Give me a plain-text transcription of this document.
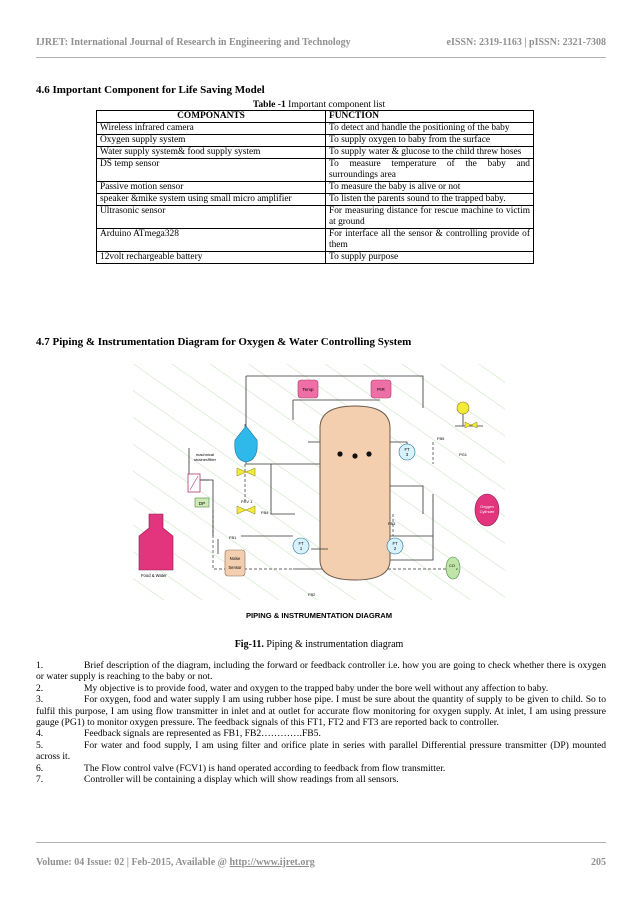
IJRET: International Journal of Research in Engineering and Technology	eISSN: 2319-1163 | pISSN: 2321-7308
4.6 Important Component for Life Saving Model
Table -1 Important component list
COMPONANTS	FUNCTION
Wireless infrared camera	To detect and handle the positioning of the baby
Oxygen supply system	To supply oxygen to baby from the surface
Water supply system& food supply system	To supply water & glucose to the child threw hoses
DS temp sensor	To measure temperature of the baby and surroundings area
Passive motion sensor	To measure the baby is alive or not
speaker &mike system using small micro amplifier	To listen the parents sound to the trapped baby.
Ultrasonic sensor	For measuring distance for rescue machine to victim at ground
Arduino ATmega328	For interface all the sensor & controlling provide of them
12volt rechargeable battery	To supply purpose
4.7 Piping & Instrumentation Diagram for Oxygen & Water Controlling System
Temp	PIR
machnical
strainer/filter
DP	FCV 1
FB4
FB1
FB3
FB5
FB2
PG1
FT
1
FT
2
FT
3
Noise
Sensor
Food & Water
Oxygen
Cylinder
CO
2
PIPING & INSTRUMENTATION DIAGRAM
Fig-11. Piping & instrumentation diagram
1.	Brief description of the diagram, including the forward or feedback controller i.e. how you are going to check whether there is oxygen or water supply is reaching to the baby or not.
2.	My objective is to provide food, water and oxygen to the trapped baby under the bore well without any affection to baby.
3.	For oxygen, food and water supply I am using rubber hose pipe. I must be sure about the quantity of supply to be given to child. So to fulfil this purpose, I am using flow transmitter in inlet and at outlet for accurate flow monitoring for oxygen supply. At inlet, I am using pressure gauge (PG1) to monitor oxygen pressure. The feedback signals of this FT1, FT2 and FT3 are reported back to controller.
4.	Feedback signals are represented as FB1, FB2………….FB5.
5.	For water and food supply, I am using filter and orifice plate in series with parallel Differential pressure transmitter (DP) mounted across it.
6.	The Flow control valve (FCV1) is hand operated according to feedback from flow transmitter.
7.	Controller will be containing a display which will show readings from all sensors.
Volume: 04 Issue: 02 | Feb-2015, Available @ http://www.ijret.org	205
